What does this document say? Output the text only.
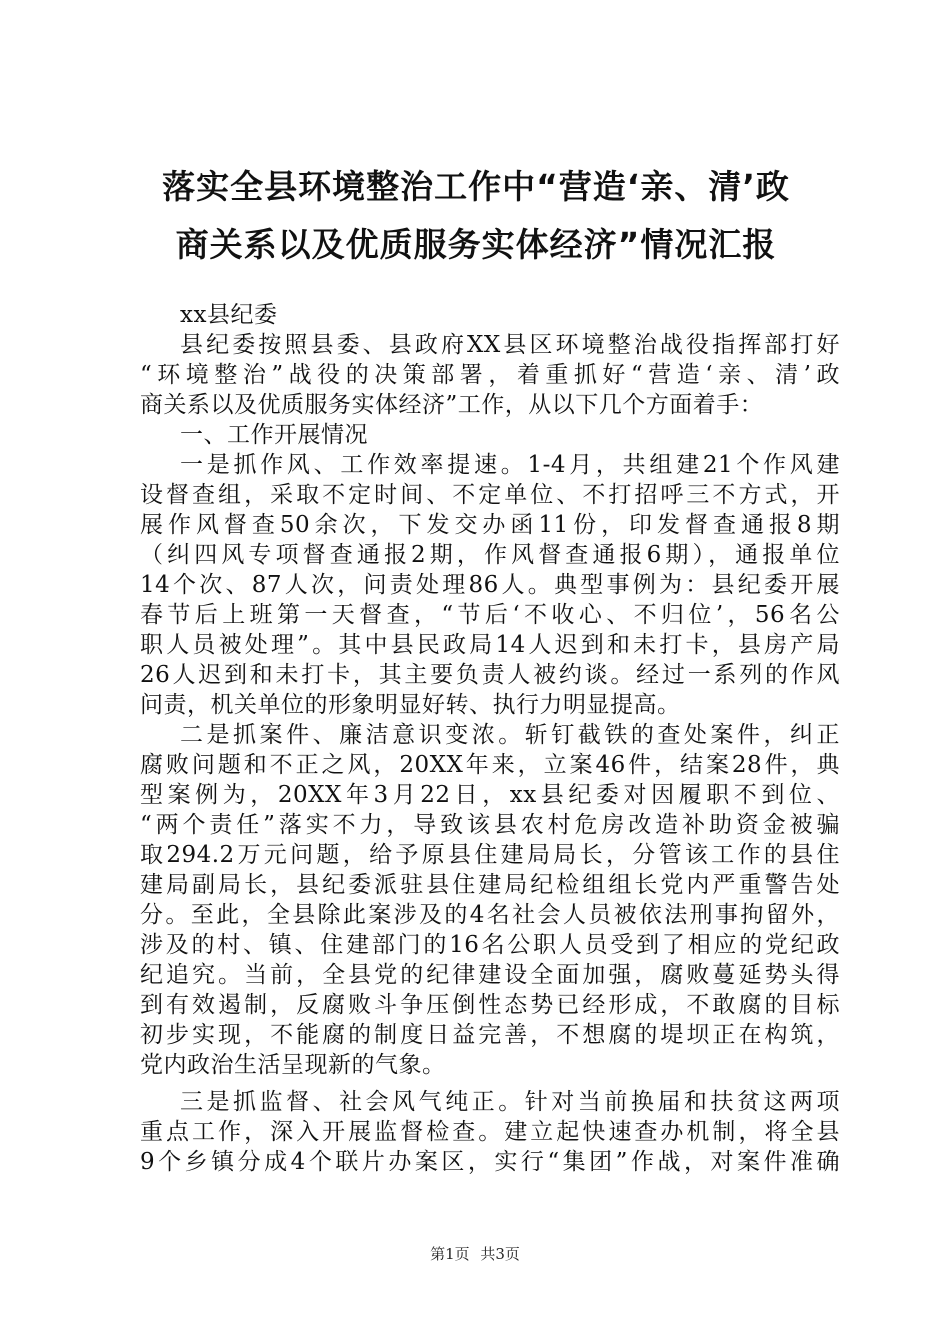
落实全县环境整治工作中“营造‘亲、清’政
商关系以及优质服务实体经济”情况汇报
xx县纪委
县纪委按照县委、县政府XX县区环境整治战役指挥部打好
“环境整治”战役的决策部署，着重抓好“营造‘亲、清’政
商关系以及优质服务实体经济”工作，从以下几个方面着手：
一、工作开展情况
一是抓作风、工作效率提速。1-4月，共组建21个作风建
设督查组，采取不定时间、不定单位、不打招呼三不方式，开
展作风督查50余次，下发交办函11份，印发督查通报8期
（纠四风专项督查通报2期，作风督查通报6期），通报单位
14个次、87人次，问责处理86人。典型事例为：县纪委开展
春节后上班第一天督查，“节后‘不收心、不归位’，56名公
职人员被处理”。其中县民政局14人迟到和未打卡，县房产局
26人迟到和未打卡，其主要负责人被约谈。经过一系列的作风
问责，机关单位的形象明显好转、执行力明显提高。
二是抓案件、廉洁意识变浓。斩钉截铁的查处案件，纠正
腐败问题和不正之风，20XX年来，立案46件，结案28件，典
型案例为，20XX年3月22日，xx县纪委对因履职不到位、
“两个责任”落实不力，导致该县农村危房改造补助资金被骗
取294.2万元问题，给予原县住建局局长，分管该工作的县住
建局副局长，县纪委派驻县住建局纪检组组长党内严重警告处
分。至此，全县除此案涉及的4名社会人员被依法刑事拘留外，
涉及的村、镇、住建部门的16名公职人员受到了相应的党纪政
纪追究。当前，全县党的纪律建设全面加强，腐败蔓延势头得
到有效遏制，反腐败斗争压倒性态势已经形成，不敢腐的目标
初步实现，不能腐的制度日益完善，不想腐的堤坝正在构筑，
党内政治生活呈现新的气象。
三是抓监督、社会风气纯正。针对当前换届和扶贫这两项
重点工作，深入开展监督检查。建立起快速查办机制，将全县
9个乡镇分成4个联片办案区，实行“集团”作战，对案件准确
第1页 共3页
